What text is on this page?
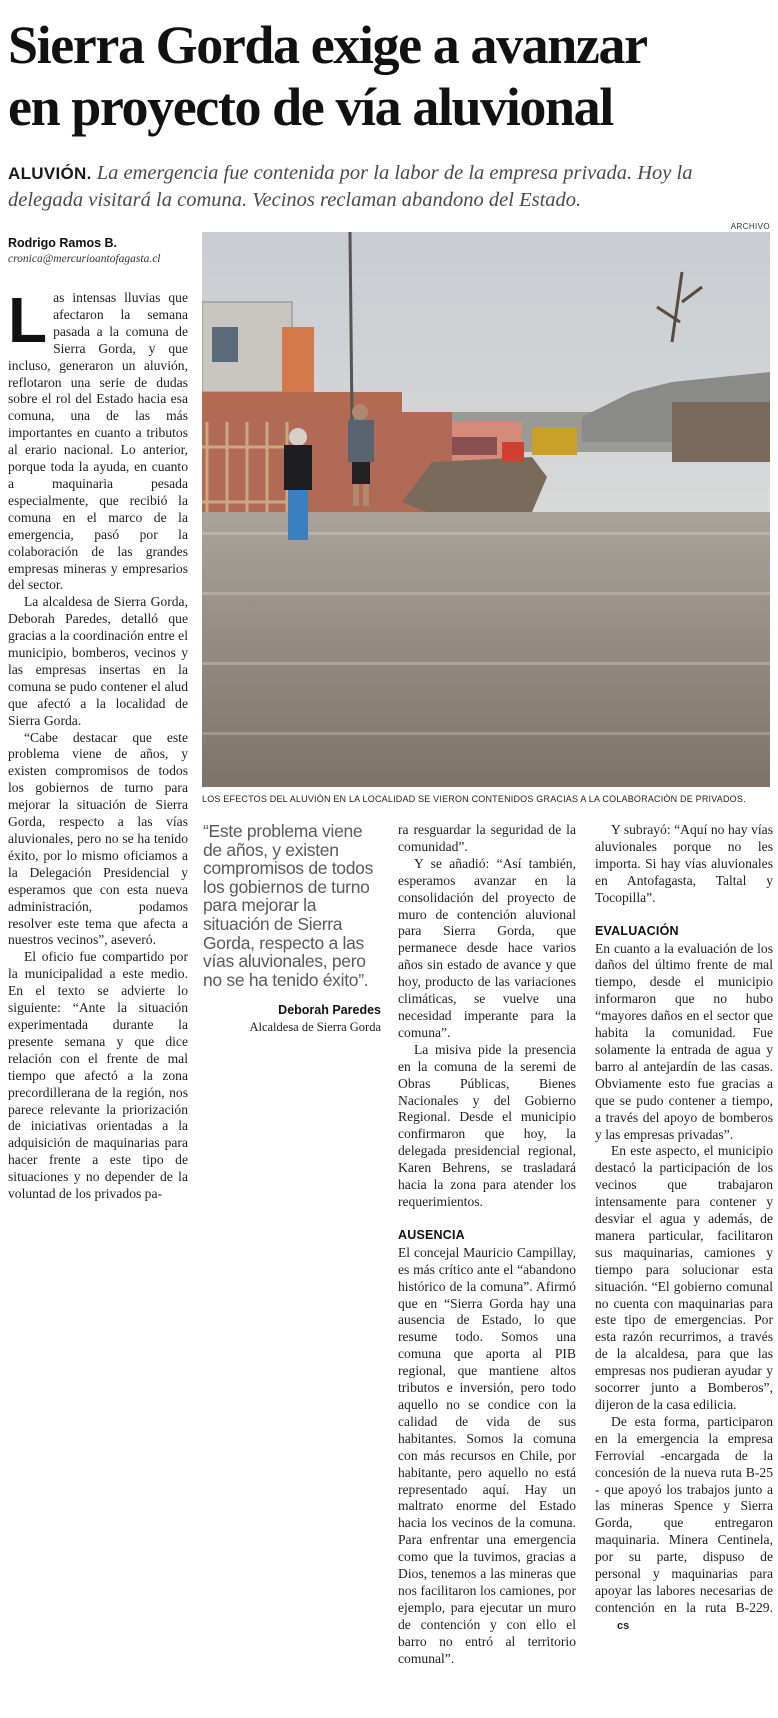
Sierra Gorda exige a avanzar
en proyecto de vía aluvional
ALUVIÓN. La emergencia fue contenida por la labor de la empresa privada. Hoy la delegada visitará la comuna. Vecinos reclaman abandono del Estado.
ARCHIVO
LOS EFECTOS DEL ALUVIÓN EN LA LOCALIDAD SE VIERON CONTENIDOS GRACIAS A LA COLABORACIÓN DE PRIVADOS.
Rodrigo Ramos B.
cronica@mercurioantofagasta.cl

Las intensas lluvias que afectaron la semana pasada a la comuna de Sierra Gorda, y que incluso, generaron un aluvión, reflotaron una serie de dudas sobre el rol del Estado hacia esa comuna, una de las más importantes en cuanto a tributos al erario nacional. Lo anterior, porque toda la ayuda, en cuanto a maquinaria pesada especialmente, que recibió la comuna en el marco de la emergencia, pasó por la colaboración de las grandes empresas mineras y empresarios del sector.

La alcaldesa de Sierra Gorda, Deborah Paredes, detalló que gracias a la coordinación entre el municipio, bomberos, vecinos y las empresas insertas en la comuna se pudo contener el alud que afectó a la localidad de Sierra Gorda.

“Cabe destacar que este problema viene de años, y existen compromisos de todos los gobiernos de turno para mejorar la situación de Sierra Gorda, respecto a las vías aluvionales, pero no se ha tenido éxito, por lo mismo oficiamos a la Delegación Presidencial y esperamos que con esta nueva administración, podamos resolver este tema que afecta a nuestros vecinos”, aseveró.

El oficio fue compartido por la municipalidad a este medio. En el texto se advierte lo siguiente: “Ante la situación experimentada durante la presente semana y que dice relación con el frente de mal tiempo que afectó a la zona precordillerana de la región, nos parece relevante la priorización de iniciativas orientadas a la adquisición de maquinarias para hacer frente a este tipo de situaciones y no depender de la voluntad de los privados pa-

“Este problema viene de años, y existen compromisos de todos los gobiernos de turno para mejorar la situación de Sierra Gorda, respecto a las vías aluvionales, pero no se ha tenido éxito”.
Deborah Paredes
Alcaldesa de Sierra Gorda

ra resguardar la seguridad de la comunidad”.

Y se añadió: “Así también, esperamos avanzar en la consolidación del proyecto de muro de contención aluvional para Sierra Gorda, que permanece desde hace varios años sin estado de avance y que hoy, producto de las variaciones climáticas, se vuelve una necesidad imperante para la comuna”.

La misiva pide la presencia en la comuna de la seremi de Obras Públicas, Bienes Nacionales y del Gobierno Regional. Desde el municipio confirmaron que hoy, la delegada presidencial regional, Karen Behrens, se trasladará hacia la zona para atender los requerimientos.

AUSENCIA

El concejal Mauricio Campillay, es más crítico ante el “abandono histórico de la comuna”. Afirmó que en “Sierra Gorda hay una ausencia de Estado, lo que resume todo. Somos una comuna que aporta al PIB regional, que mantiene altos tributos e inversión, pero todo aquello no se condice con la calidad de vida de sus habitantes. Somos la comuna con más recursos en Chile, por habitante, pero aquello no está representado aquí. Hay un maltrato enorme del Estado hacia los vecinos de la comuna. Para enfrentar una emergencia como que la tuvimos, gracias a Dios, tenemos a las mineras que nos facilitaron los camiones, por ejemplo, para ejecutar un muro de contención y con ello el barro no entró al territorio comunal”.

Y subrayó: “Aquí no hay vías aluvionales porque no les importa. Si hay vías aluvionales en Antofagasta, Taltal y Tocopilla”.

EVALUACIÓN

En cuanto a la evaluación de los daños del último frente de mal tiempo, desde el municipio informaron que no hubo “mayores daños en el sector que habita la comunidad. Fue solamente la entrada de agua y barro al antejardín de las casas. Obviamente esto fue gracias a que se pudo contener a tiempo, a través del apoyo de bomberos y las empresas privadas”.

En este aspecto, el municipio destacó la participación de los vecinos que trabajaron intensamente para contener y desviar el agua y además, de manera particular, facilitaron sus maquinarias, camiones y tiempo para solucionar esta situación. “El gobierno comunal no cuenta con maquinarias para este tipo de emergencias. Por esta razón recurrimos, a través de la alcaldesa, para que las empresas nos pudieran ayudar y socorrer junto a Bomberos”, dijeron de la casa edilicia.

De esta forma, participaron en la emergencia la empresa Ferrovial -encargada de la concesión de la nueva ruta B-25 - que apoyó los trabajos junto a las mineras Spence y Sierra Gorda, que entregaron maquinaria. Minera Centinela, por su parte, dispuso de personal y maquinarias para apoyar las labores necesarias de contención en la ruta B-229.cs
